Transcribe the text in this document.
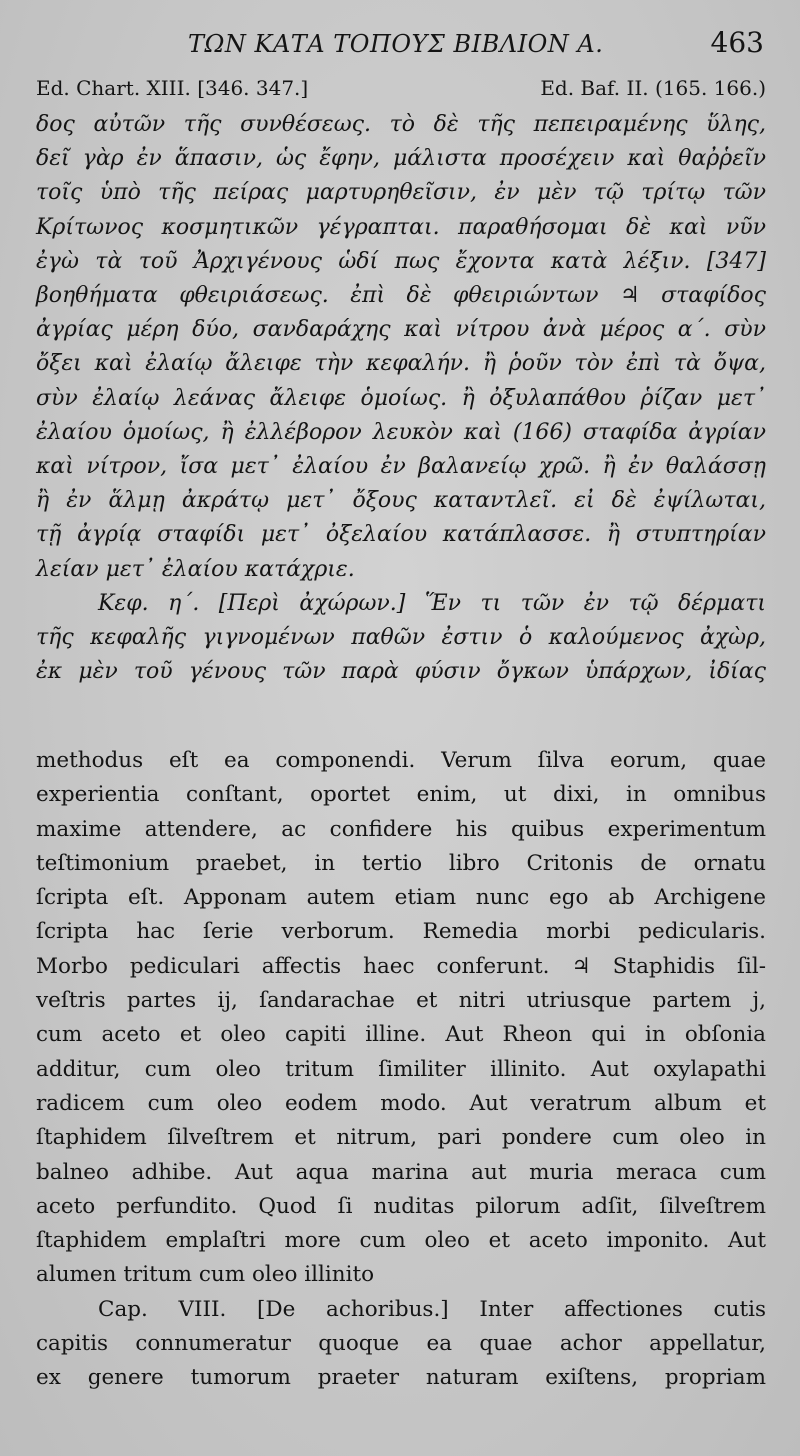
ΤΩΝ ΚΑΤΑ ΤΟΠΟΥΣ ΒΙΒΛΙΟΝ Α.	463
Ed. Chart. XIII. [346. 347.]	Ed. Baf. II. (165. 166.)
δος αὐτῶν τῆς συνθέσεως. τὸ δὲ τῆς πεπειραμένης ὕλης,
δεῖ γὰρ ἐν ἅπασιν, ὡς ἔφην, μάλιστα προσέχειν καὶ θαῤῥεῖν
τοῖς ὑπὸ τῆς πείρας μαρτυρηθεῖσιν, ἐν μὲν τῷ τρίτῳ τῶν
Κρίτωνος κοσμητικῶν γέγραπται. παραθήσομαι δὲ καὶ νῦν
ἐγὼ τὰ τοῦ Ἀρχιγένους ὡδί πως ἔχοντα κατὰ λέξιν. [347]
βοηθήματα φθειριάσεως. ἐπὶ δὲ φθειριώντων ♃ σταφίδος
ἀγρίας μέρη δύο, σανδαράχης καὶ νίτρου ἀνὰ μέρος α΄. σὺν
ὄξει καὶ ἐλαίῳ ἄλειφε τὴν κεφαλήν. ἢ ῥοῦν τὸν ἐπὶ τὰ ὄψα,
σὺν ἐλαίῳ λεάνας ἄλειφε ὁμοίως. ἢ ὀξυλαπάθου ῥίζαν μετ᾽
ἐλαίου ὁμοίως, ἢ ἐλλέβορον λευκὸν καὶ (166) σταφίδα ἀγρίαν
καὶ νίτρον, ἴσα μετ᾽ ἐλαίου ἐν βαλανείῳ χρῶ. ἢ ἐν θαλάσσῃ
ἢ ἐν ἅλμῃ ἀκράτῳ μετ᾽ ὄξους καταντλεῖ. εἰ δὲ ἐψίλωται,
τῇ ἀγρίᾳ σταφίδι μετ᾽ ὀξελαίου κατάπλασσε. ἢ στυπτηρίαν
λείαν μετ᾽ ἐλαίου κατάχριε.
Κεφ. η΄. [Περὶ ἀχώρων.] Ἕν τι τῶν ἐν τῷ δέρματι
τῆς κεφαλῆς γιγνομένων παθῶν ἐστιν ὁ καλούμενος ἀχὼρ,
ἐκ μὲν τοῦ γένους τῶν παρὰ φύσιν ὄγκων ὑπάρχων, ἰδίας
methodus eſt ea componendi. Verum ſilva eorum, quae
experientia conſtant, oportet enim, ut dixi, in omnibus
maxime attendere, ac confidere his quibus experimentum
teſtimonium praebet, in tertio libro Critonis de ornatu
ſcripta eſt. Apponam autem etiam nunc ego ab Archigene
ſcripta hac ſerie verborum. Remedia morbi pedicularis.
Morbo pediculari affectis haec conferunt. ♃ Staphidis ſil-
veſtris partes ij, ſandarachae et nitri utriusque partem j,
cum aceto et oleo capiti illine. Aut Rheon qui in obſonia
additur, cum oleo tritum ſimiliter illinito. Aut oxylapathi
radicem cum oleo eodem modo. Aut veratrum album et
ſtaphidem ſilveſtrem et nitrum, pari pondere cum oleo in
balneo adhibe. Aut aqua marina aut muria meraca cum
aceto perfundito. Quod ſi nuditas pilorum adſit, ſilveſtrem
ſtaphidem emplaſtri more cum oleo et aceto imponito. Aut
alumen tritum cum oleo illinito
Cap. VIII. [De achoribus.] Inter affectiones cutis
capitis connumeratur quoque ea quae achor appellatur,
ex genere tumorum praeter naturam exiſtens, propriam
